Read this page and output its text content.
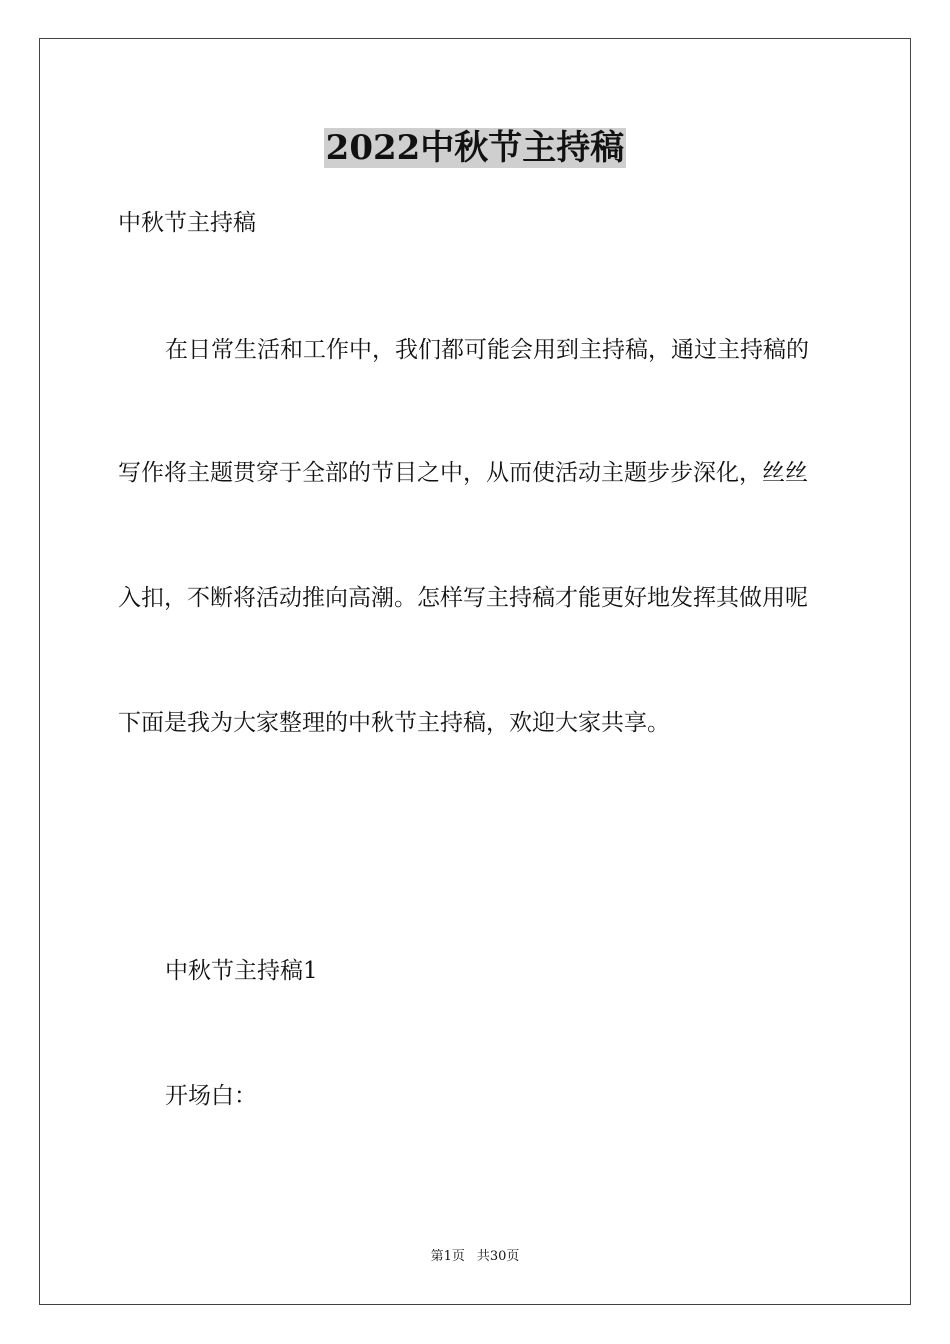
2022中秋节主持稿
中秋节主持稿
在日常生活和工作中，我们都可能会用到主持稿，通过主持稿的
写作将主题贯穿于全部的节目之中，从而使活动主题步步深化，丝丝
入扣，不断将活动推向高潮。怎样写主持稿才能更好地发挥其做用呢
下面是我为大家整理的中秋节主持稿，欢迎大家共享。
中秋节主持稿1
开场白：
第1页 共30页
